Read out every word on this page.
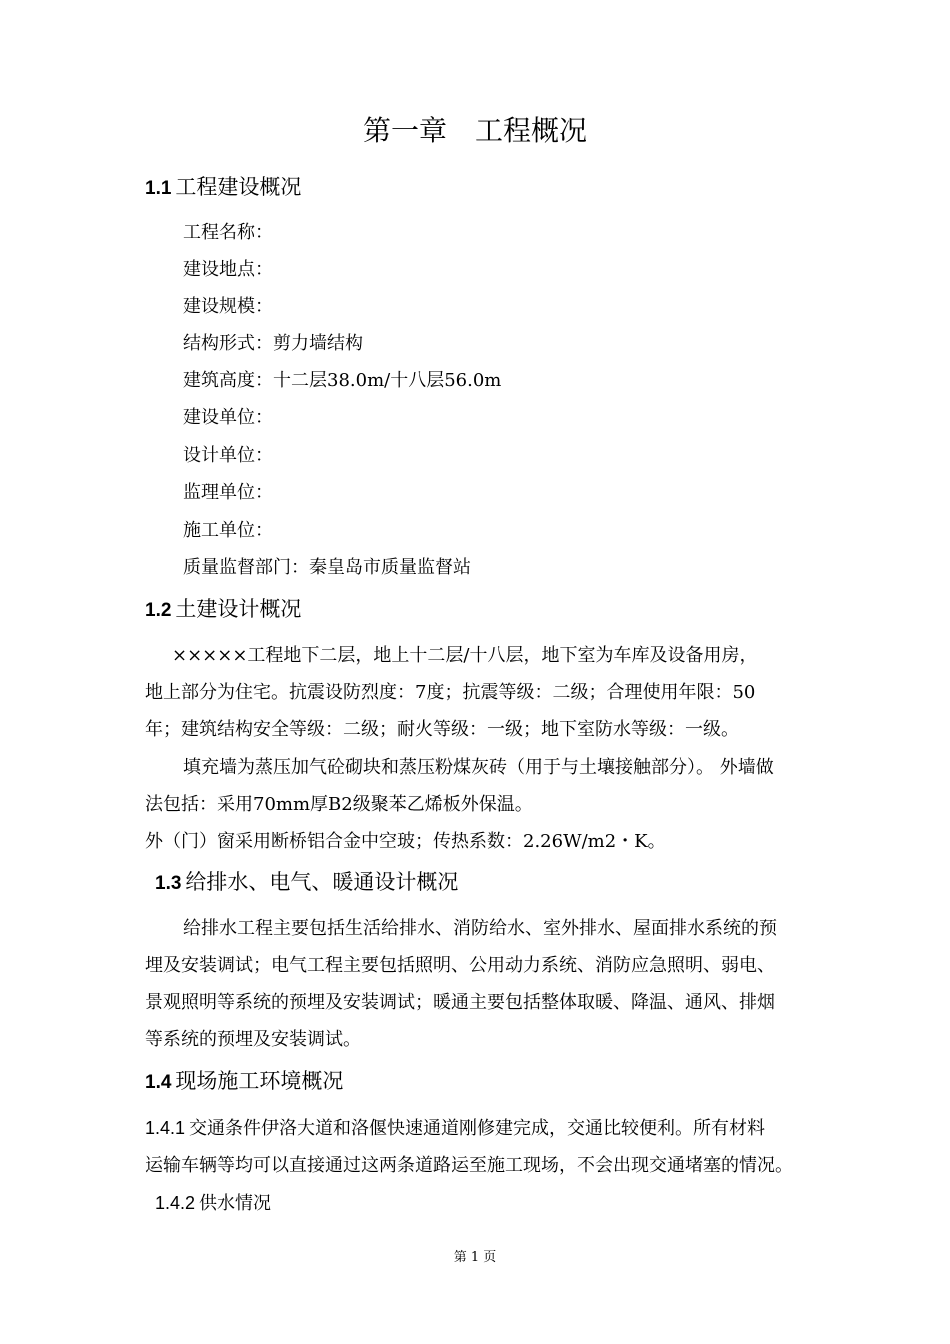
第一章　工程概况
1.1 工程建设概况
工程名称：
建设地点：
建设规模：
结构形式：剪力墙结构
建筑高度：十二层38.0m/十八层56.0m
建设单位：
设计单位：
监理单位：
施工单位：
质量监督部门：秦皇岛市质量监督站
1.2 土建设计概况
×××××工程地下二层，地上十二层/十八层，地下室为车库及设备用房，
地上部分为住宅。抗震设防烈度：7度；抗震等级：二级；合理使用年限：50
年；建筑结构安全等级：二级；耐火等级：一级；地下室防水等级：一级。
填充墙为蒸压加气砼砌块和蒸压粉煤灰砖（用于与土壤接触部分）。 外墙做
法包括：采用70mm厚B2级聚苯乙烯板外保温。
外（门）窗采用断桥铝合金中空玻；传热系数：2.26W/m2・K。
1.3 给排水、电气、暖通设计概况
给排水工程主要包括生活给排水、消防给水、室外排水、屋面排水系统的预
埋及安装调试；电气工程主要包括照明、公用动力系统、消防应急照明、弱电、
景观照明等系统的预埋及安装调试；暖通主要包括整体取暖、降温、通风、排烟
等系统的预埋及安装调试。
1.4 现场施工环境概况
1.4.1 交通条件伊洛大道和洛偃快速通道刚修建完成，交通比较便利。所有材料
运输车辆等均可以直接通过这两条道路运至施工现场，不会出现交通堵塞的情况。
1.4.2 供水情况
第 1 页
